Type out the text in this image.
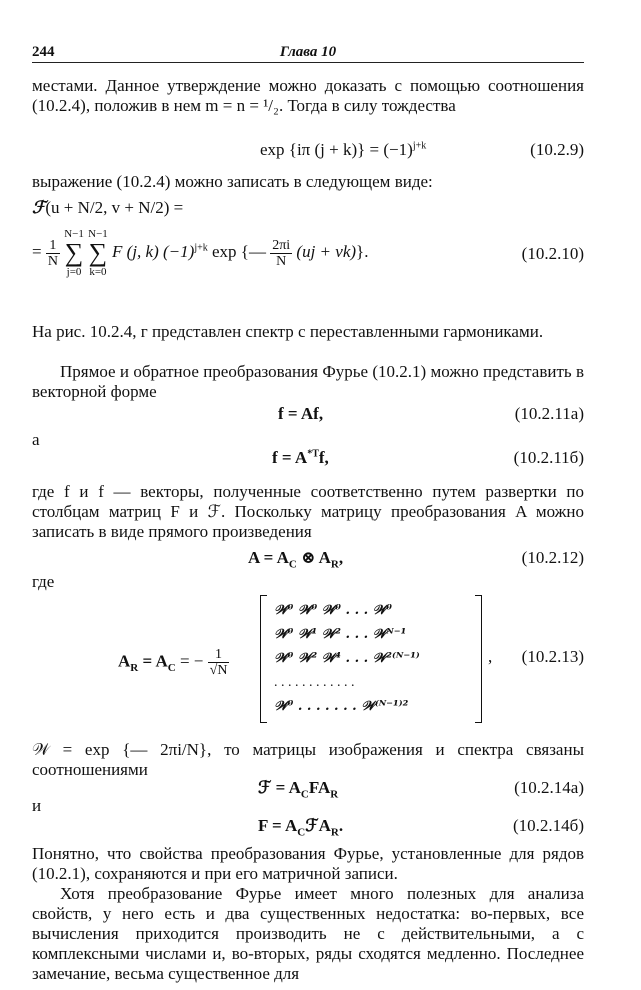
244	Глава 10

местами. Данное утверждение можно доказать с помощью соотношения (10.2.4), положив в нем m = n = ¹/₂. Тогда в силу тождества

exp {iπ $(j + k)\} = (-1)^{j+k}$	(10.2.9)

выражение (10.2.4) можно записать в следующем виде:

ℱ(u + N/2, v + N/2) =
= $\frac{1}{N}$
N−1
∑
j=0 N−1
∑
k=0 F (j, k) $(-1)^{j+k}$ exp {— $\frac{2\pi i}{N} (uj + vk)$}.	(10.2.10)

На рис. 10.2.4, г представлен спектр с переставленными гармониками.

Прямое и обратное преобразования Фурье (10.2.1) можно представить в векторной форме

f = Af,	(10.2.11a)
а
$f = A^{*T}f$,	(10.2.11б)

где f и f — векторы, полученные соответственно путем развертки по столбцам матриц F и ℱ. Поскольку матрицу преобразования A можно записать в виде прямого произведения

$A = A_C$ ⊗ $A_R$,	(10.2.12)
где
$A_R = A_C$ = − $\frac{1}{√N}$
𝒲⁰ 𝒲⁰ 𝒲⁰ . . . 𝒲⁰
𝒲⁰ 𝒲¹ 𝒲² . . . 𝒲ᴺ⁻¹
𝒲⁰ 𝒲² 𝒲⁴ . . . 𝒲²⁽ᴺ⁻¹⁾
. . . . . . . . . . . .
𝒲⁰ . . . . . . . 𝒲⁽ᴺ⁻¹⁾²
, (10.2.13)

𝒲 = exp {— 2πi/N}, то матрицы изображения и спектра связаны соотношениями

ℱ = $A_CFA_R$	(10.2.14a)
и
$F = A_CℱA_R$.	(10.2.14б)

Понятно, что свойства преобразования Фурье, установленные для рядов (10.2.1), сохраняются и при его матричной записи.

Хотя преобразование Фурье имеет много полезных для анализа свойств, у него есть и два существенных недостатка: во-первых, все вычисления приходится производить не с действительными, а с комплексными числами и, во-вторых, ряды сходятся медленно. Последнее замечание, весьма существенное для
